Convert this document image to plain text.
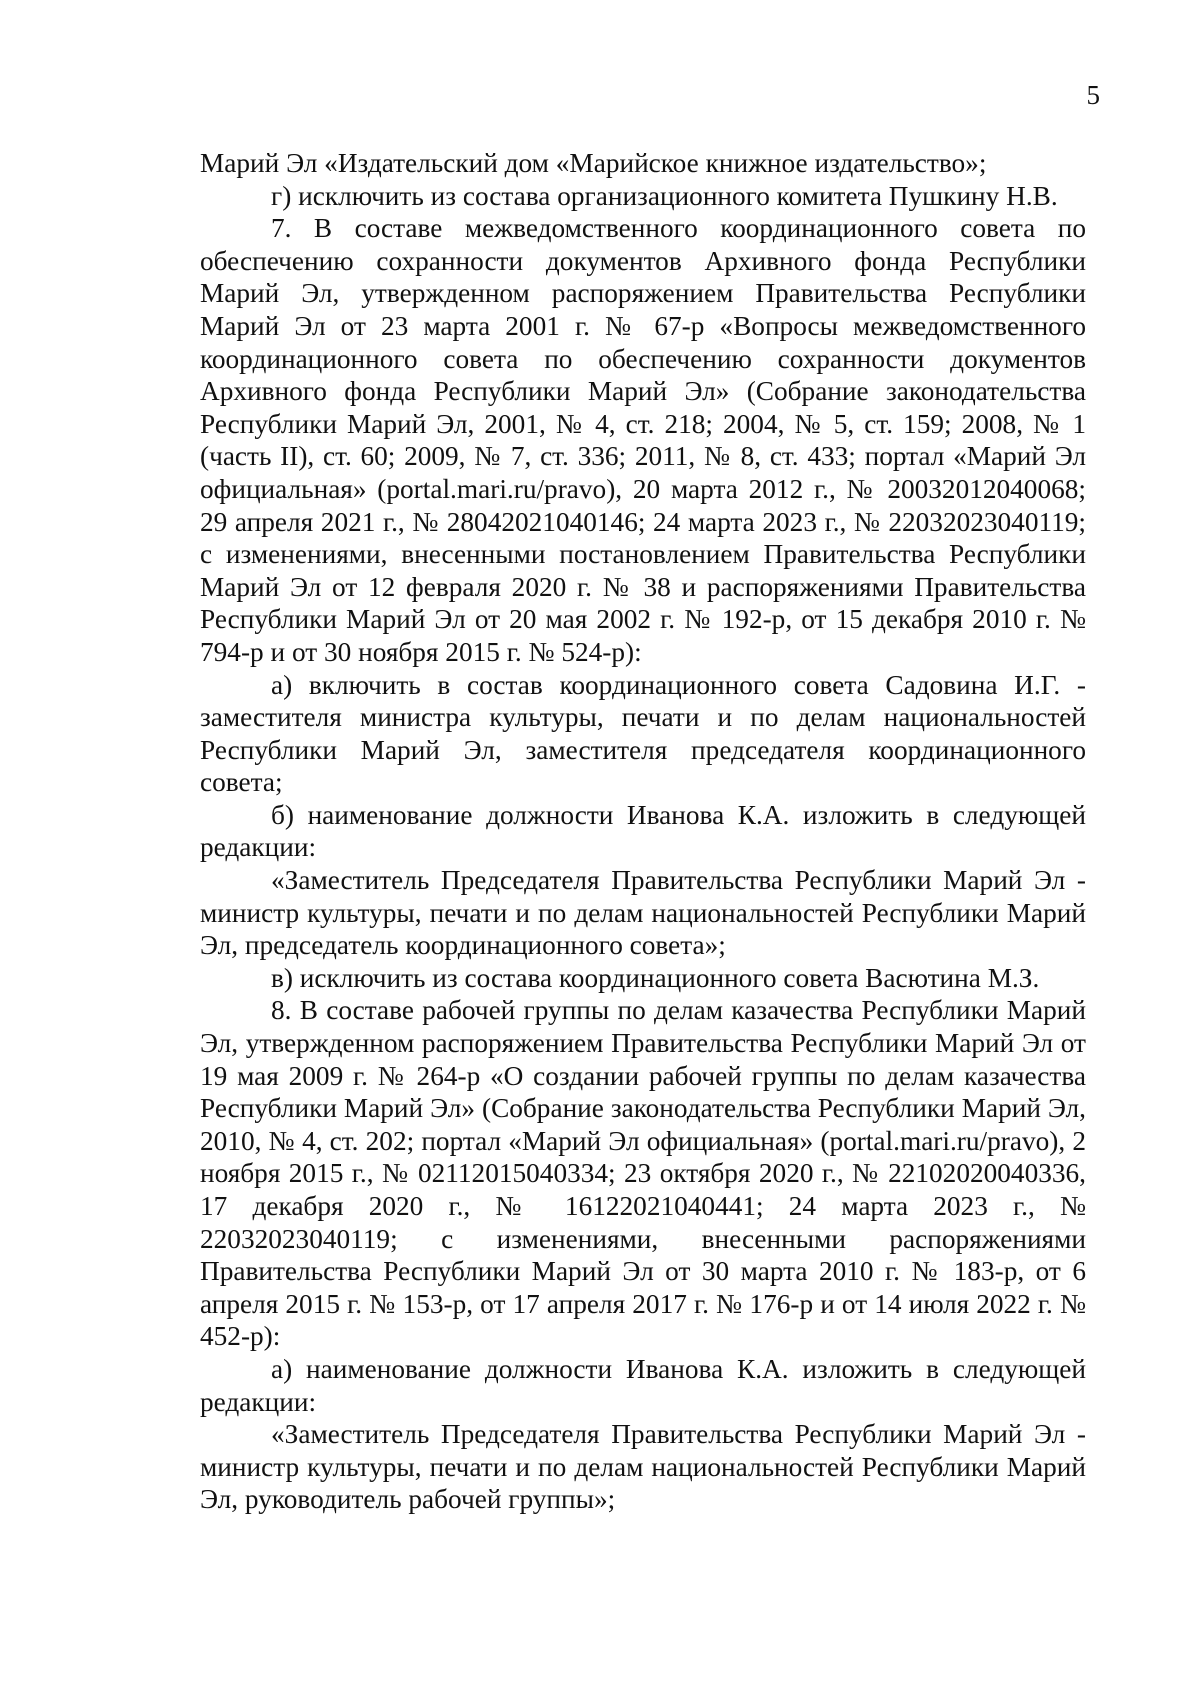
5

Марий Эл «Издательский дом «Марийское книжное издательство»;

г) исключить из состава организационного комитета Пушкину Н.В.

7. В составе межведомственного координационного совета по обеспечению сохранности документов Архивного фонда Республики Марий Эл, утвержденном распоряжением Правительства Республики Марий Эл от 23 марта 2001 г. № 67-р «Вопросы межведомственного координационного совета по обеспечению сохранности документов Архивного фонда Республики Марий Эл» (Собрание законодательства Республики Марий Эл, 2001, № 4, ст. 218; 2004, № 5, ст. 159; 2008, № 1 (часть II), ст. 60; 2009, № 7, ст. 336; 2011, № 8, ст. 433; портал «Марий Эл официальная» (portal.mari.ru/pravo), 20 марта 2012 г., № 20032012040068; 29 апреля 2021 г., № 28042021040146; 24 марта 2023 г., № 22032023040119; с изменениями, внесенными постановлением Правительства Республики Марий Эл от 12 февраля 2020 г. № 38 и распоряжениями Правительства Республики Марий Эл от 20 мая 2002 г. № 192-р, от 15 декабря 2010 г. № 794-р и от 30 ноября 2015 г. № 524-р):

а) включить в состав координационного совета Садовина И.Г. - заместителя министра культуры, печати и по делам национальностей Республики Марий Эл, заместителя председателя координационного совета;

б) наименование должности Иванова К.А. изложить в следующей редакции:

«Заместитель Председателя Правительства Республики Марий Эл - министр культуры, печати и по делам национальностей Республики Марий Эл, председатель координационного совета»;

в) исключить из состава координационного совета Васютина М.З.

8. В составе рабочей группы по делам казачества Республики Марий Эл, утвержденном распоряжением Правительства Республики Марий Эл от 19 мая 2009 г. № 264-р «О создании рабочей группы по делам казачества Республики Марий Эл» (Собрание законодательства Республики Марий Эл, 2010, № 4, ст. 202; портал «Марий Эл официальная» (portal.mari.ru/pravo), 2 ноября 2015 г., № 02112015040334; 23 октября 2020 г., № 22102020040336, 17 декабря 2020 г., № 16122021040441; 24 марта 2023 г., № 22032023040119; с изменениями, внесенными распоряжениями Правительства Республики Марий Эл от 30 марта 2010 г. № 183-р, от 6 апреля 2015 г. № 153-р, от 17 апреля 2017 г. № 176-р и от 14 июля 2022 г. № 452-р):

а) наименование должности Иванова К.А. изложить в следующей редакции:

«Заместитель Председателя Правительства Республики Марий Эл - министр культуры, печати и по делам национальностей Республики Марий Эл, руководитель рабочей группы»;
